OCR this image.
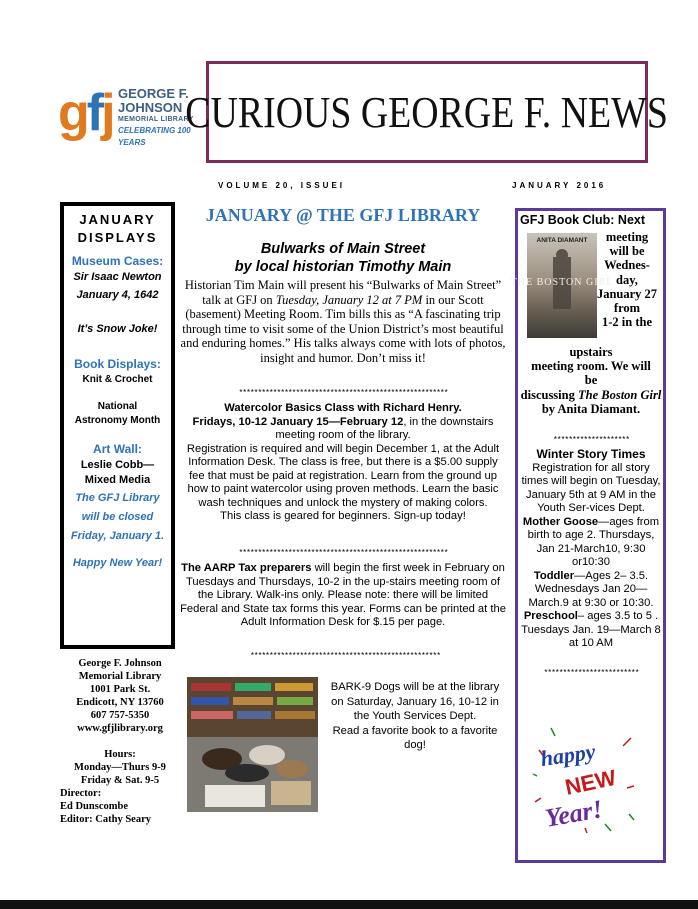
gfj GEORGE F.
JOHNSON
MEMORIAL LIBRARY
CELEBRATING 100 YEARS
CURIOUS GEORGE F. NEWS
VOLUME 20, ISSUEI	JANUARY 2016
JANUARY
DISPLAYS
Museum Cases:
Sir Isaac Newton
January 4, 1642
It’s Snow Joke!
Book Displays:
Knit & Crochet
National
Astronomy Month
Art Wall:
Leslie Cobb—
Mixed Media
The GFJ Library
will be closed
Friday, January 1.
Happy New Year!
George F. Johnson
Memorial Library
1001 Park St.
Endicott, NY 13760
607 757-5350
www.gfjlibrary.org
Hours:
Monday—Thurs 9-9
Friday & Sat. 9-5
Director:
Ed Dunscombe
Editor: Cathy Seary
JANUARY @ THE GFJ LIBRARY
Bulwarks of Main Street
by local historian Timothy Main
Historian Tim Main will present his “Bulwarks of Main Street” talk at GFJ on Tuesday, January 12 at 7 PM in our Scott (basement) Meeting Room. Tim bills this as “A fascinating trip through time to visit some of the Union District’s most beautiful and enduring homes.” His talks always come with lots of photos, insight and humor. Don’t miss it!
*******************************************************
Watercolor Basics Class with Richard Henry.
Fridays, 10-12 January 15—February 12, in the downstairs meeting room of the library.
Registration is required and will begin December 1, at the Adult Information Desk. The class is free, but there is a $5.00 supply fee that must be paid at registration. Learn from the ground up how to paint watercolor using proven methods. Learn the basic wash techniques and unlock the mystery of making colors.
This class is geared for beginners. Sign-up today!
*******************************************************
The AARP Tax preparers will begin the first week in February on Tuesdays and Thursdays, 10-2 in the up-stairs meeting room of the Library. Walk-ins only. Please note: there will be limited Federal and State tax forms this year. Forms can be printed at the Adult Information Desk for $.15 per page.
**************************************************
BARK-9 Dogs will be at the library on Saturday, January 16, 10-12 in the Youth Services Dept.
Read a favorite book to a favorite dog!
GFJ Book Club: Next
ANITA DIAMANT
THE BOSTON GIRL
meeting
will be
Wednes-
day,
January 27
from
1-2 in the
upstairs
meeting room. We will
be
discussing The Boston Girl by Anita Diamant.
********************
Winter Story Times
Registration for all story times will begin on Tuesday, January 5th at 9 AM in the Youth Ser-vices Dept.
Mother Goose—ages from birth to age 2. Thursdays, Jan 21-March10, 9:30 or10:30
Toddler—Ages 2– 3.5. Wednesdays Jan 20—March.9 at 9:30 or 10:30.
Preschool– ages 3.5 to 5 . Tuesdays Jan. 19—March 8 at 10 AM
*************************
happy
NEW
Year!
